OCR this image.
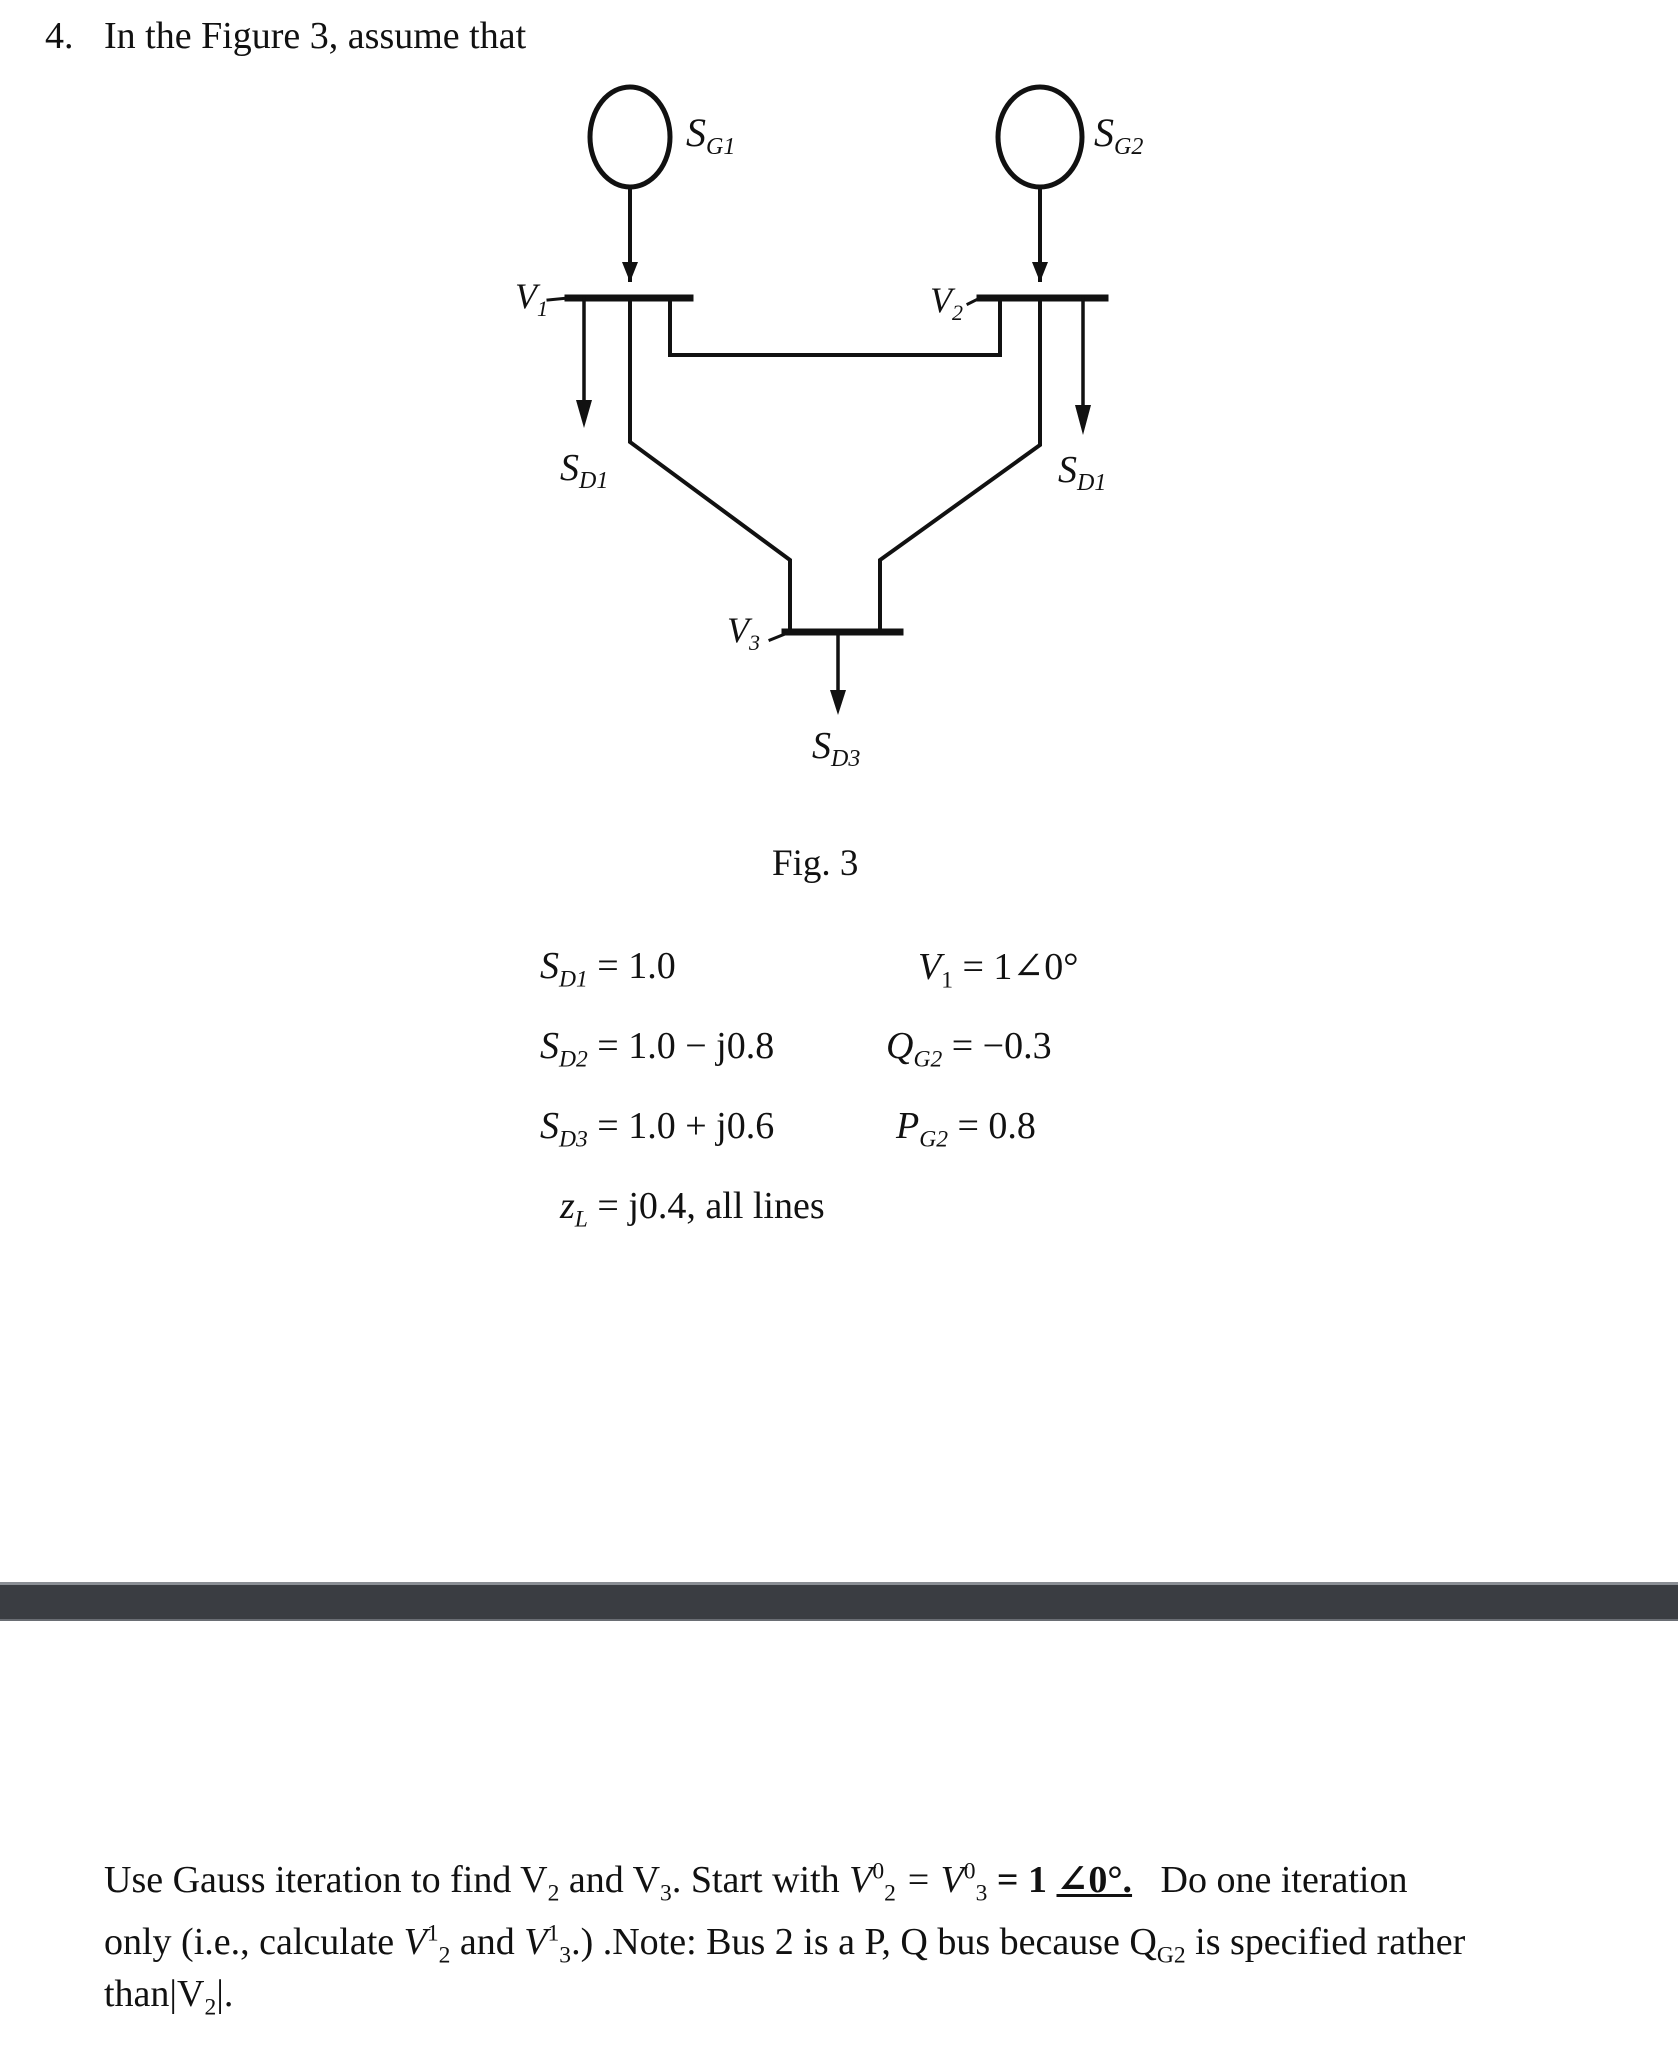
4. In the Figure 3, assume that
$S_{G1}$	$S_{G2}$
$V_1$	$V_2$
$V_3$
$S_{D1}$	$S_{D1}$
$S_{D3}$
Fig. 3
$S_{D1} = 1.0$	$V_1$ = 1∠0°
$S_{D2} = 1.0 - j0.8$	$Q_{G2} = -0.3$
$S_{D3} = 1.0 + j0.6$	$P_{G2} = 0.8$
$z_L = j0.4$, all lines
Use Gauss iteration to find $V_2$ and $V_3$. Start with $V^0_2 = V^0_3 = 1$ ∠0°.   Do one iteration
only (i.e., calculate $V^1_2$ and $V^1_3$.) .Note: Bus 2 is a P, Q bus because $Q_{G2}$ is specified rather
$than|V_2|$.
